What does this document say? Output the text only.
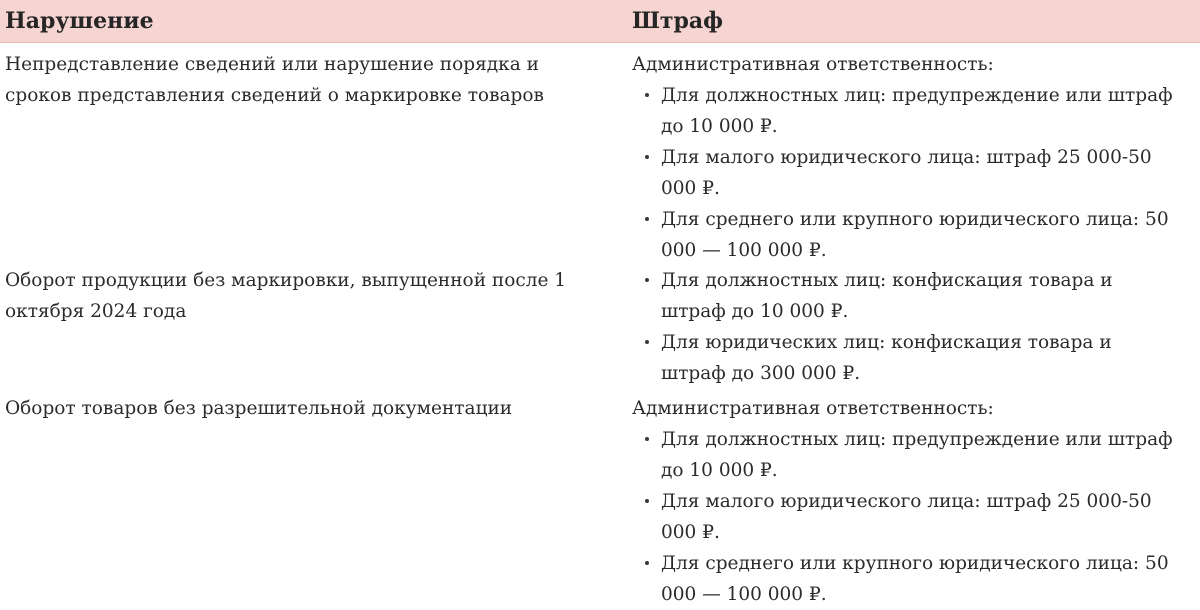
Нарушение	Штраф

Непредставление сведений или нарушение порядка и

сроков представления сведений о маркировке товаров

Административная ответственность:

Для должностных лиц: предупреждение или штраф
до 10 000 ₽.
Для малого юридического лица: штраф 25 000-50
000 ₽.
Для среднего или крупного юридического лица: 50
000 — 100 000 ₽.

Оборот продукции без маркировки, выпущенной после 1

октября 2024 года

Для должностных лиц: конфискация товара и
штраф до 10 000 ₽.
Для юридических лиц: конфискация товара и
штраф до 300 000 ₽.

Оборот товаров без разрешительной документации	Административная ответственность:

Для должностных лиц: предупреждение или штраф
до 10 000 ₽.
Для малого юридического лица: штраф 25 000-50
000 ₽.
Для среднего или крупного юридического лица: 50
000 — 100 000 ₽.
